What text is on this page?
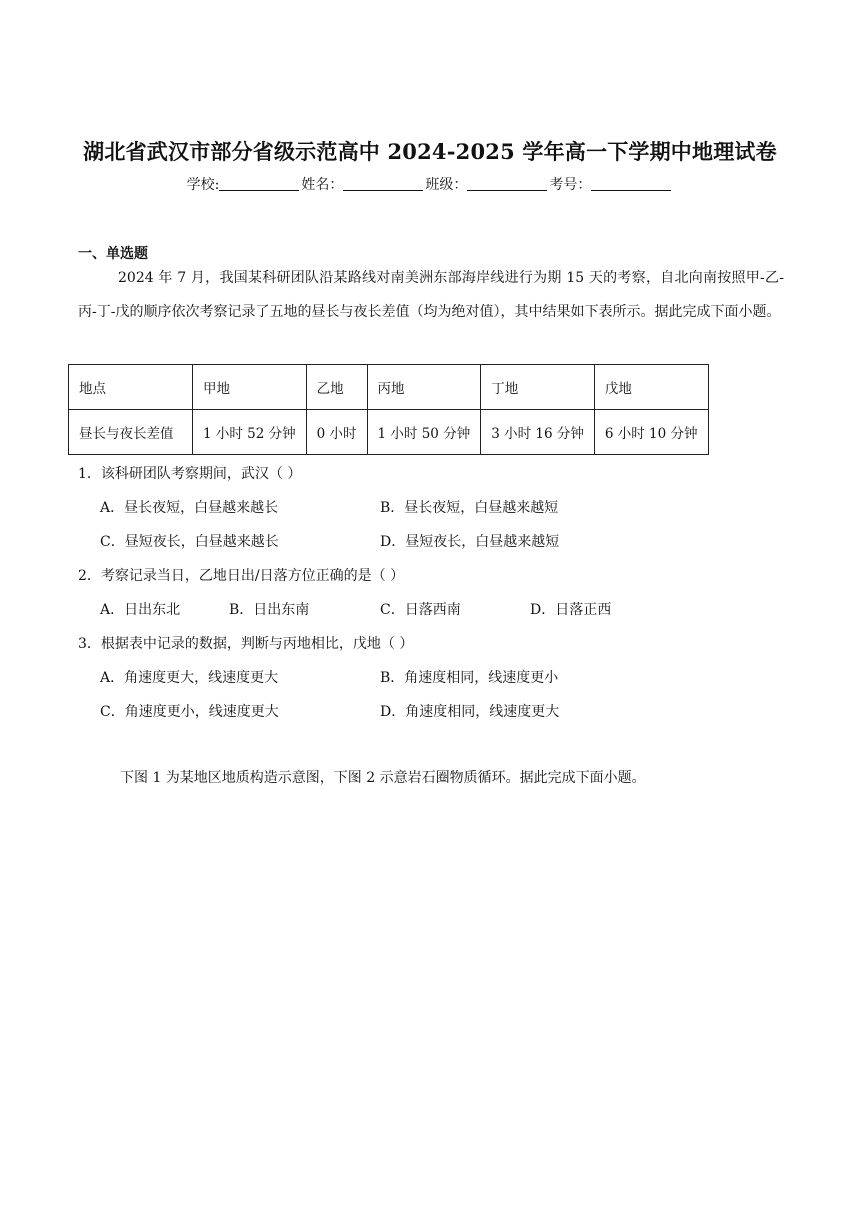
湖北省武汉市部分省级示范高中 2024-2025 学年高一下学期中地理试卷
学校:	姓名：	班级：	考号：
一、单选题
2024 年 7 月，我国某科研团队沿某路线对南美洲东部海岸线进行为期 15 天的考察，自北向南按照甲-乙-丙-丁-戊的顺序依次考察记录了五地的昼长与夜长差值（均为绝对值），其中结果如下表所示。据此完成下面小题。
地点	甲地	乙地	丙地	丁地	戊地
昼长与夜长差值	1 小时 52 分钟	0 小时	1 小时 50 分钟	3 小时 16 分钟	6 小时 10 分钟
1．该科研团队考察期间，武汉（ ）
A．昼长夜短，白昼越来越长	B．昼长夜短，白昼越来越短
C．昼短夜长，白昼越来越长	D．昼短夜长，白昼越来越短
2．考察记录当日，乙地日出/日落方位正确的是（ ）
A．日出东北	B．日出东南	C．日落西南	D．日落正西
3．根据表中记录的数据，判断与丙地相比，戊地（ ）
A．角速度更大，线速度更大	B．角速度相同，线速度更小
C．角速度更小，线速度更大	D．角速度相同，线速度更大
下图 1 为某地区地质构造示意图，下图 2 示意岩石圈物质循环。据此完成下面小题。
